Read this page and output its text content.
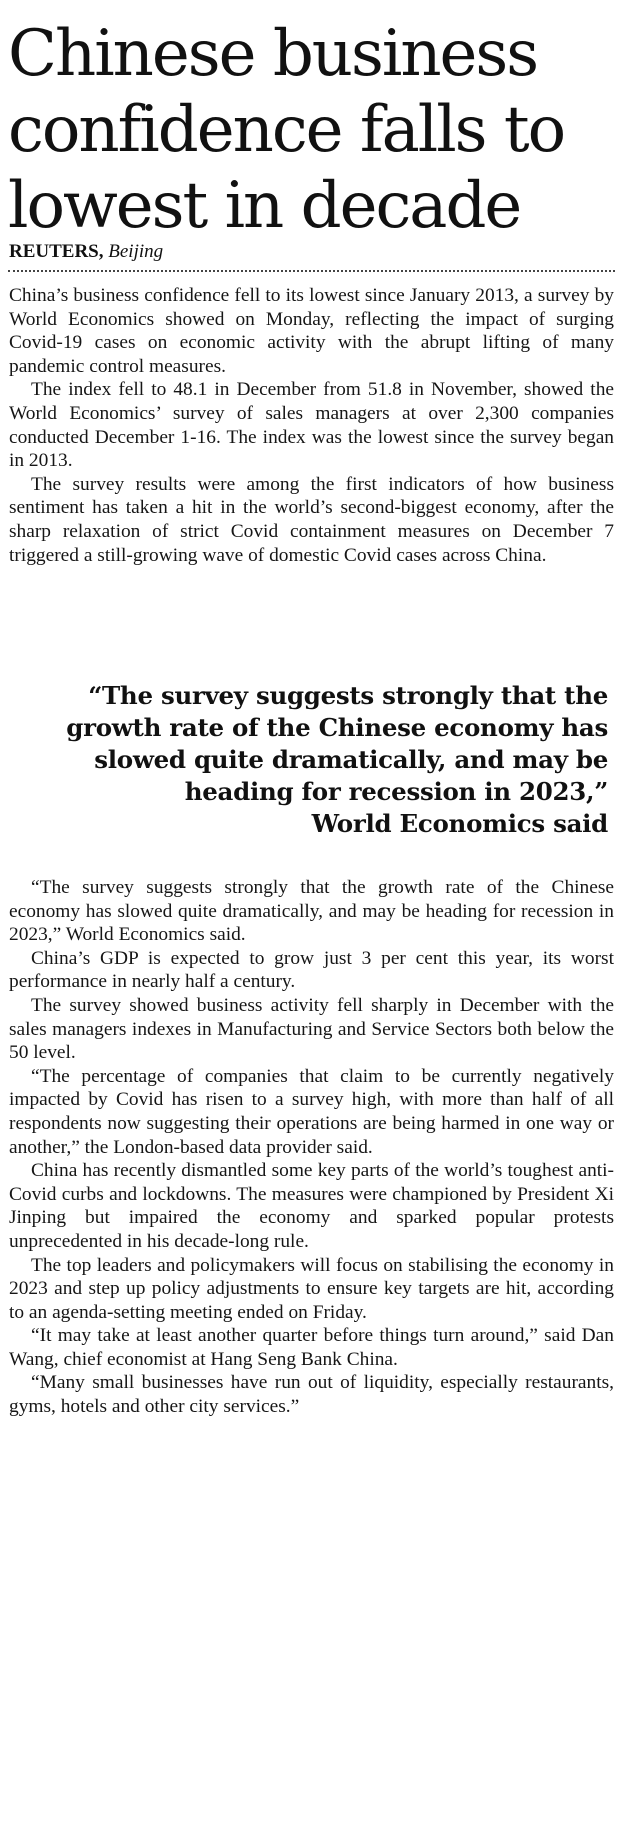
Chinese business confidence falls to lowest in decade
REUTERS, Beijing

China’s business confidence fell to its lowest since January 2013, a survey by World Economics showed on Monday, reflecting the impact of surging Covid-19 cases on economic activity with the abrupt lifting of many pandemic control measures.

The index fell to 48.1 in December from 51.8 in November, showed the World Economics’ survey of sales managers at over 2,300 companies conducted December 1-16. The index was the lowest since the survey began in 2013.

The survey results were among the first indicators of how business sentiment has taken a hit in the world’s second-biggest economy, after the sharp relaxation of strict Covid containment measures on December 7 triggered a still-growing wave of domestic Covid cases across China.

“The survey suggests strongly that the growth rate of the Chinese economy has slowed quite dramatically, and may be heading for recession in 2023,”
World Economics said

“The survey suggests strongly that the growth rate of the Chinese economy has slowed quite dramatically, and may be heading for recession in 2023,” World Economics said.

China’s GDP is expected to grow just 3 per cent this year, its worst performance in nearly half a century.

The survey showed business activity fell sharply in December with the sales managers indexes in Manufacturing and Service Sectors both below the 50 level.

“The percentage of companies that claim to be currently negatively impacted by Covid has risen to a survey high, with more than half of all respondents now suggesting their operations are being harmed in one way or another,” the London-based data provider said.

China has recently dismantled some key parts of the world’s toughest anti-Covid curbs and lockdowns. The measures were championed by President Xi Jinping but impaired the economy and sparked popular protests unprecedented in his decade-long rule.

The top leaders and policymakers will focus on stabilising the economy in 2023 and step up policy adjustments to ensure key targets are hit, according to an agenda-setting meeting ended on Friday.

“It may take at least another quarter before things turn around,” said Dan Wang, chief economist at Hang Seng Bank China.

“Many small businesses have run out of liquidity, especially restaurants, gyms, hotels and other city services.”
